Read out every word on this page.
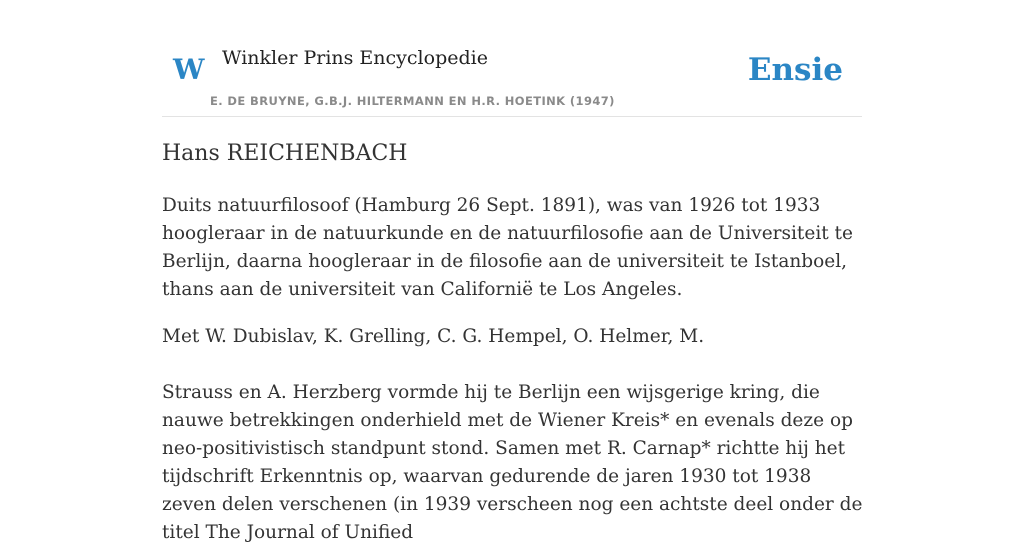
W Winkler Prins Encyclopedie
E. DE BRUYNE, G.B.J. HILTERMANN EN H.R. HOETINK (1947)
Ensie
Hans REICHENBACH

Duits natuurfilosoof (Hamburg 26 Sept. 1891), was van 1926 tot 1933 hoogleraar in de natuurkunde en de natuurfilosofie aan de Universiteit te Berlijn, daarna hoogleraar in de filosofie aan de universiteit te Istanboel, thans aan de universiteit van Californië te Los Angeles.

Met W. Dubislav, K. Grelling, C. G. Hempel, O. Helmer, M.

Strauss en A. Herzberg vormde hij te Berlijn een wijsgerige kring, die nauwe betrekkingen onderhield met de Wiener Kreis* en evenals deze op neo-positivistisch standpunt stond. Samen met R. Carnap* richtte hij het tijdschrift Erkenntnis op, waarvan gedurende de jaren 1930 tot 1938 zeven delen verschenen (in 1939 verscheen nog een achtste deel onder de titel The Journal of Unified
